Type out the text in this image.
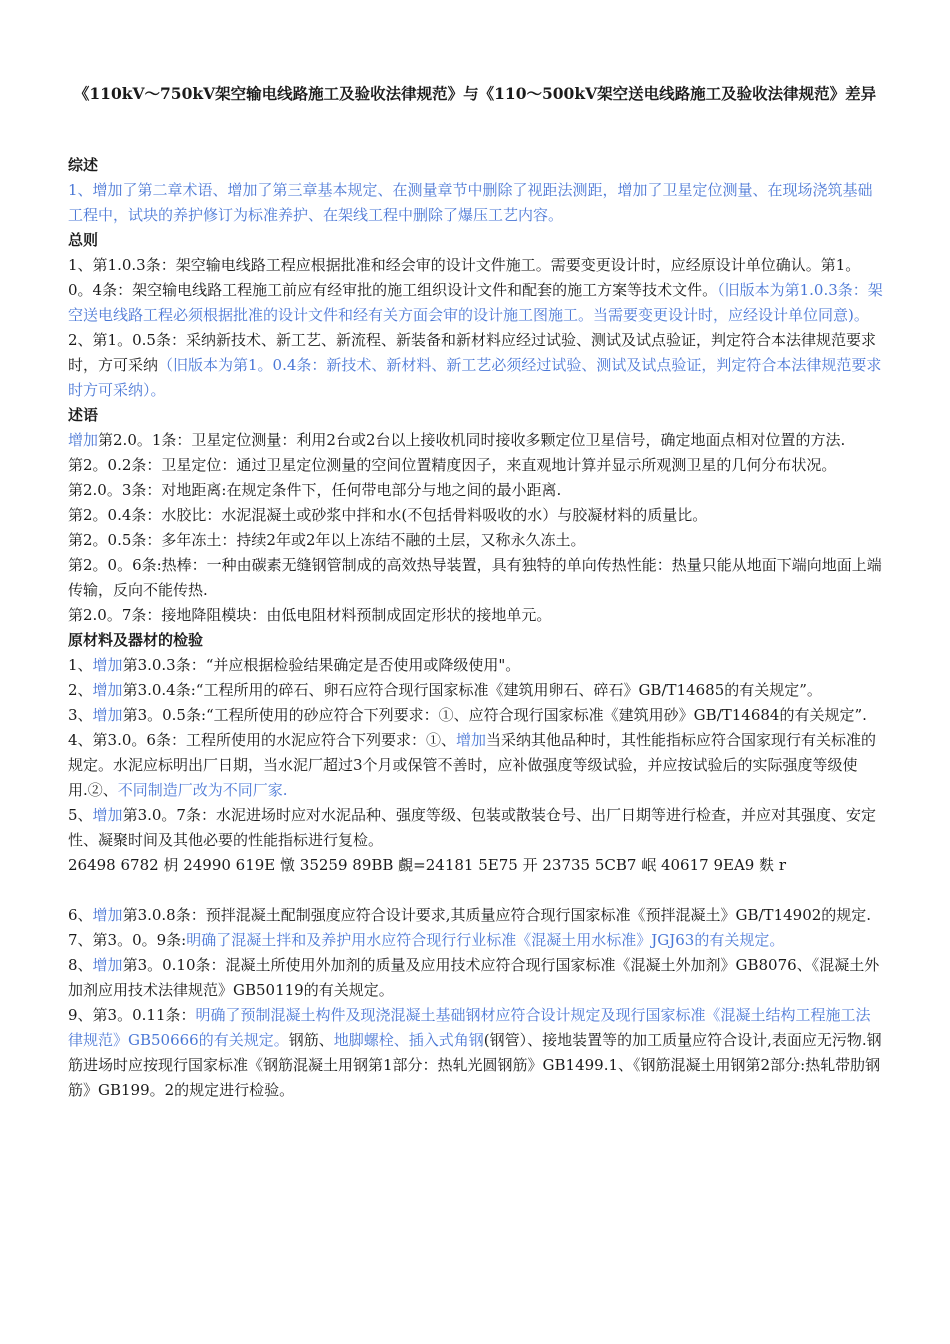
《110kV～750kV架空输电线路施工及验收法律规范》与《110～500kV架空送电线路施工及验收法律规范》差异

综述

1、增加了第二章术语、增加了第三章基本规定、在测量章节中删除了视距法测距，增加了卫星定位测量、在现场浇筑基础工程中，试块的养护修订为标准养护、在架线工程中删除了爆压工艺内容。

总则

1、第1.0.3条：架空输电线路工程应根据批准和经会审的设计文件施工。需要变更设计时，应经原设计单位确认。第1。0。4条：架空输电线路工程施工前应有经审批的施工组织设计文件和配套的施工方案等技术文件。（旧版本为第1.0.3条：架空送电线路工程必须根据批准的设计文件和经有关方面会审的设计施工图施工。当需要变更设计时，应经设计单位同意)。

2、第1。0.5条：采纳新技术、新工艺、新流程、新装备和新材料应经过试验、测试及试点验证，判定符合本法律规范要求时，方可采纳（旧版本为第1。0.4条：新技术、新材料、新工艺必须经过试验、测试及试点验证，判定符合本法律规范要求时方可采纳）。

述语

增加第2.0。1条：卫星定位测量：利用2台或2台以上接收机同时接收多颗定位卫星信号，确定地面点相对位置的方法.

第2。0.2条：卫星定位：通过卫星定位测量的空间位置精度因子，来直观地计算并显示所观测卫星的几何分布状况。

第2.0。3条：对地距离:在规定条件下，任何带电部分与地之间的最小距离.

第2。0.4条：水胶比：水泥混凝土或砂浆中拌和水(不包括骨料吸收的水）与胶凝材料的质量比。

第2。0.5条：多年冻土：持续2年或2年以上冻结不融的土层，又称永久冻土。

第2。0。6条:热棒：一种由碳素无缝钢管制成的高效热导装置，具有独特的单向传热性能：热量只能从地面下端向地面上端传输，反向不能传热.

第2.0。7条：接地降阻模块：由低电阻材料预制成固定形状的接地单元。

原材料及器材的检验

1、增加第3.0.3条：“并应根据检验结果确定是否使用或降级使用"。

2、增加第3.0.4条:“工程所用的碎石、卵石应符合现行国家标准《建筑用卵石、碎石》GB/T14685的有关规定”。

3、增加第3。0.5条:“工程所使用的砂应符合下列要求：①、应符合现行国家标准《建筑用砂》GB/T14684的有关规定”.

4、第3.0。6条：工程所使用的水泥应符合下列要求：①、增加当采纳其他品种时，其性能指标应符合国家现行有关标准的规定。水泥应标明出厂日期，当水泥厂超过3个月或保管不善时，应补做强度等级试验，并应按试验后的实际强度等级使用.②、不同制造厂改为不同厂家.

5、增加第3.0。7条：水泥进场时应对水泥品种、强度等级、包装或散装仓号、出厂日期等进行检查，并应对其强度、安定性、凝聚时间及其他必要的性能指标进行复检。

26498 6782 枂 24990 619E 憞 35259 89BB 覻=24181 5E75 开 23735 5CB7 岷 40617 9EA9 麩 r

6、增加第3.0.8条：预拌混凝土配制强度应符合设计要求,其质量应符合现行国家标准《预拌混凝土》GB/T14902的规定.

7、第3。0。9条:明确了混凝土拌和及养护用水应符合现行行业标准《混凝土用水标准》JGJ63的有关规定。

8、增加第3。0.10条：混凝土所使用外加剂的质量及应用技术应符合现行国家标准《混凝土外加剂》GB8076、《混凝土外加剂应用技术法律规范》GB50119的有关规定。

9、第3。0.11条：明确了预制混凝土构件及现浇混凝土基础钢材应符合设计规定及现行国家标准《混凝土结构工程施工法律规范》GB50666的有关规定。钢筋、地脚螺栓、插入式角钢(钢管）、接地装置等的加工质量应符合设计,表面应无污物.钢筋进场时应按现行国家标准《钢筋混凝土用钢第1部分：热轧光圆钢筋》GB1499.1、《钢筋混凝土用钢第2部分:热轧带肋钢筋》GB199。2的规定进行检验。
